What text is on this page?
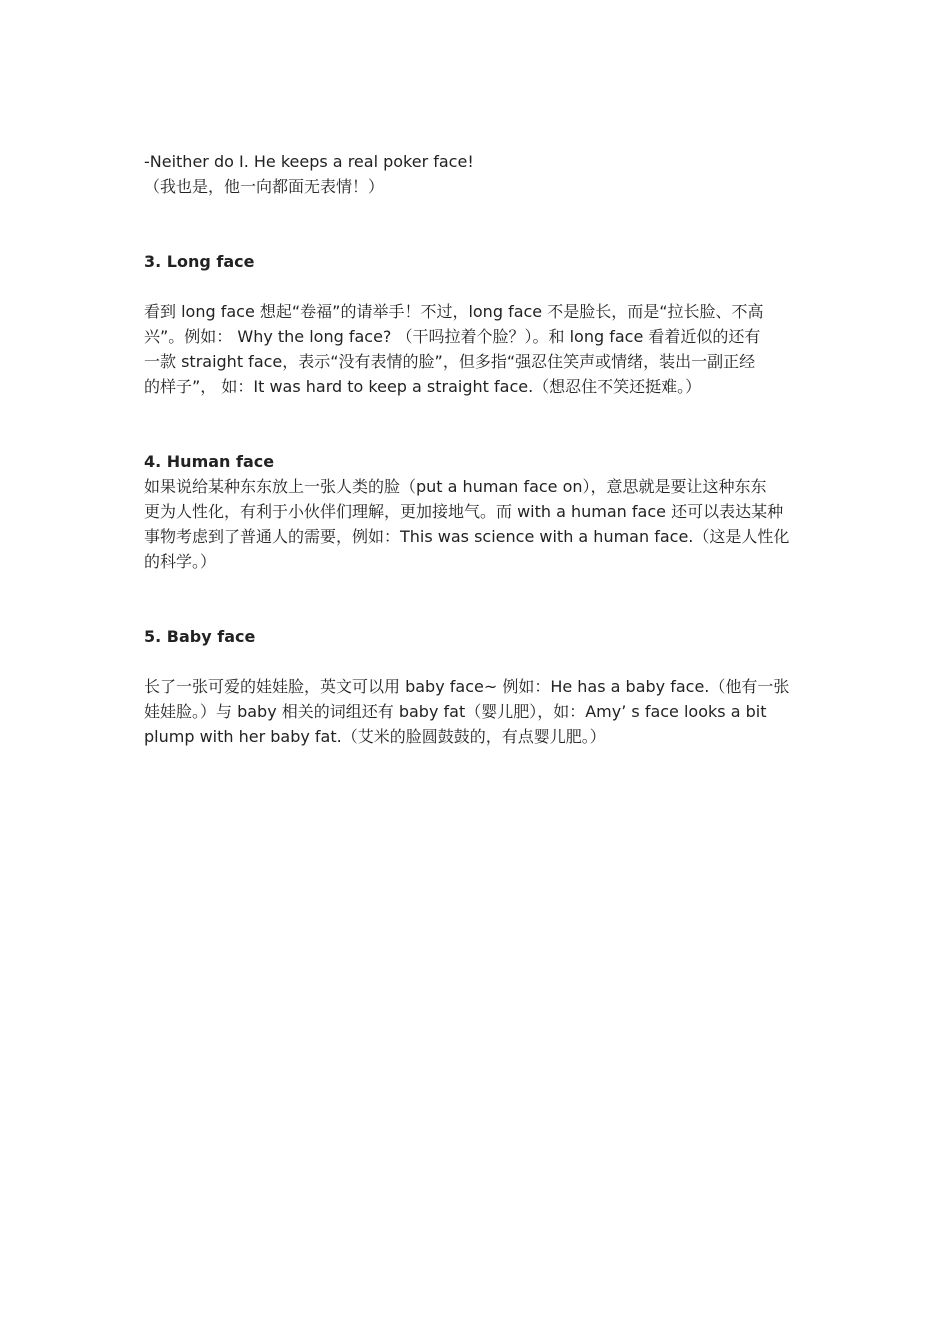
-Neither do I. He keeps a real poker face!
（我也是，他一向都面无表情！）
3. Long face
看到 long face 想起“卷福”的请举手！不过，long face 不是脸长，而是“拉长脸、不高
兴”。例如： Why the long face? （干吗拉着个脸？）。和 long face 看着近似的还有
一款 straight face，表示“没有表情的脸”，但多指“强忍住笑声或情绪，装出一副正经
的样子”， 如：It was hard to keep a straight face.（想忍住不笑还挺难。）
4. Human face
如果说给某种东东放上一张人类的脸（put a human face on），意思就是要让这种东东
更为人性化，有利于小伙伴们理解，更加接地气。而 with a human face 还可以表达某种
事物考虑到了普通人的需要，例如：This was science with a human face.（这是人性化
的科学。）
5. Baby face
长了一张可爱的娃娃脸，英文可以用 baby face~ 例如：He has a baby face.（他有一张
娃娃脸。）与 baby 相关的词组还有 baby fat（婴儿肥），如：Amy’ s face looks a bit
plump with her baby fat.（艾米的脸圆鼓鼓的，有点婴儿肥。）
